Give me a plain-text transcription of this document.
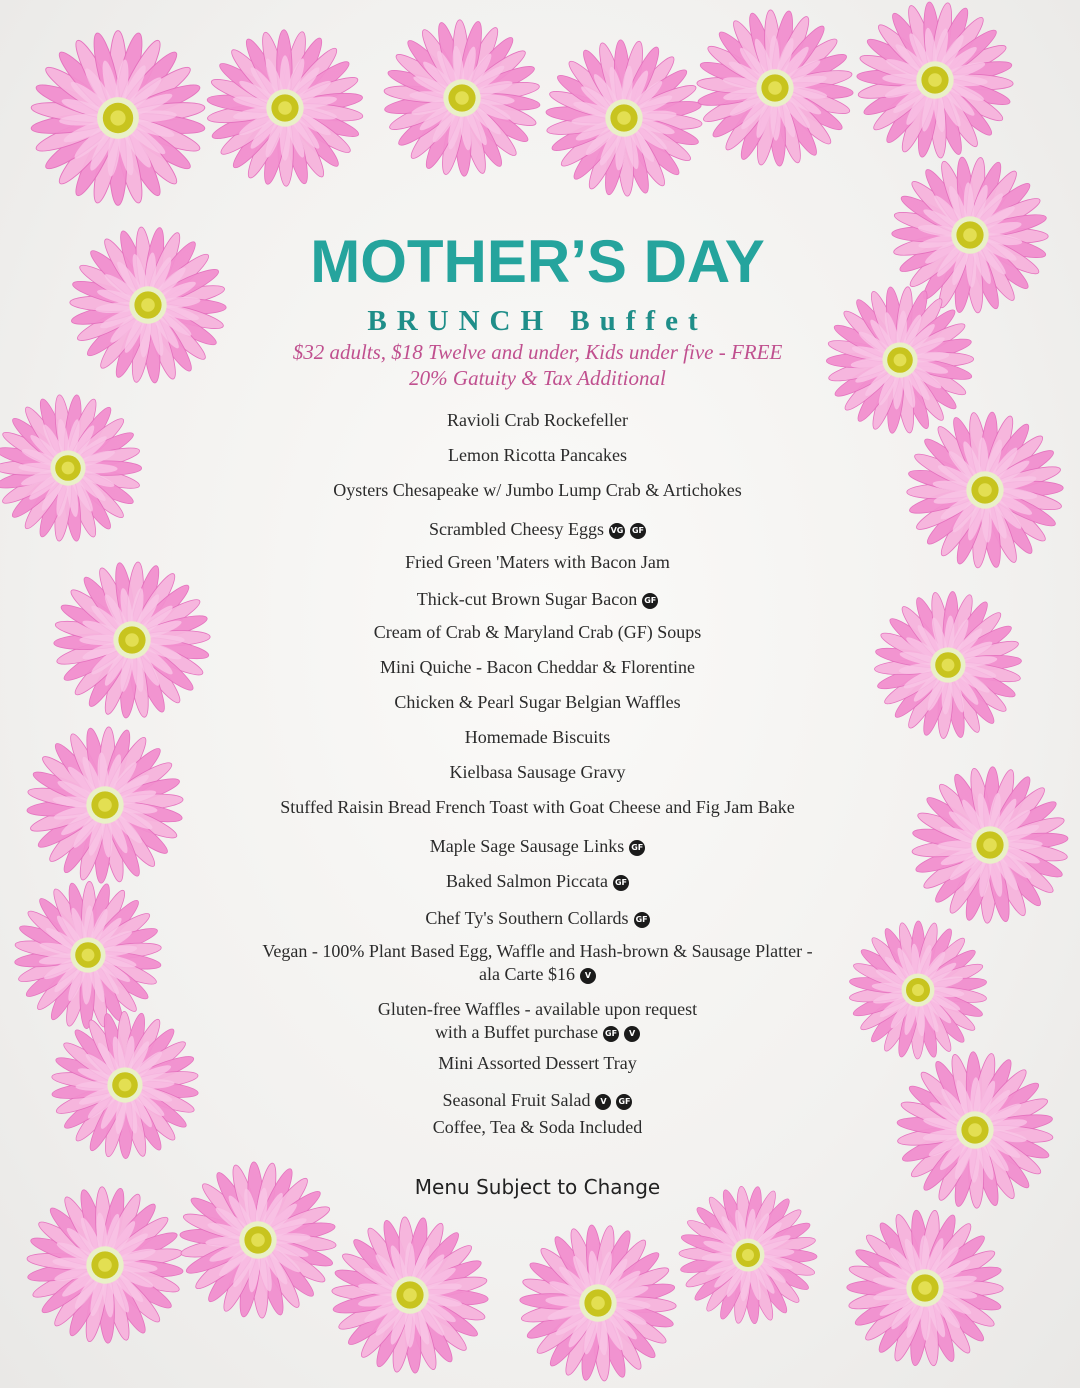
MOTHER’S DAY
BRUNCH Buffet
$32 adults, $18 Twelve and under, Kids under five - FREE
20% Gatuity & Tax Additional
Ravioli Crab Rockefeller
Lemon Ricotta Pancakes
Oysters Chesapeake w/ Jumbo Lump Crab & Artichokes
Scrambled Cheesy Eggs VG GF
Fried Green 'Maters with Bacon Jam
Thick-cut Brown Sugar Bacon GF
Cream of Crab & Maryland Crab (GF) Soups
Mini Quiche - Bacon Cheddar & Florentine
Chicken & Pearl Sugar Belgian Waffles
Homemade Biscuits
Kielbasa Sausage Gravy
Stuffed Raisin Bread French Toast with Goat Cheese and Fig Jam Bake
Maple Sage Sausage Links GF
Baked Salmon Piccata GF
Chef Ty's Southern Collards GF
Vegan - 100% Plant Based Egg, Waffle and Hash-brown & Sausage Platter -
ala Carte $16 V
Gluten-free Waffles - available upon request
with a Buffet purchase GF V
Mini Assorted Dessert Tray
Seasonal Fruit Salad V GF
Coffee, Tea & Soda Included
Menu Subject to Change
